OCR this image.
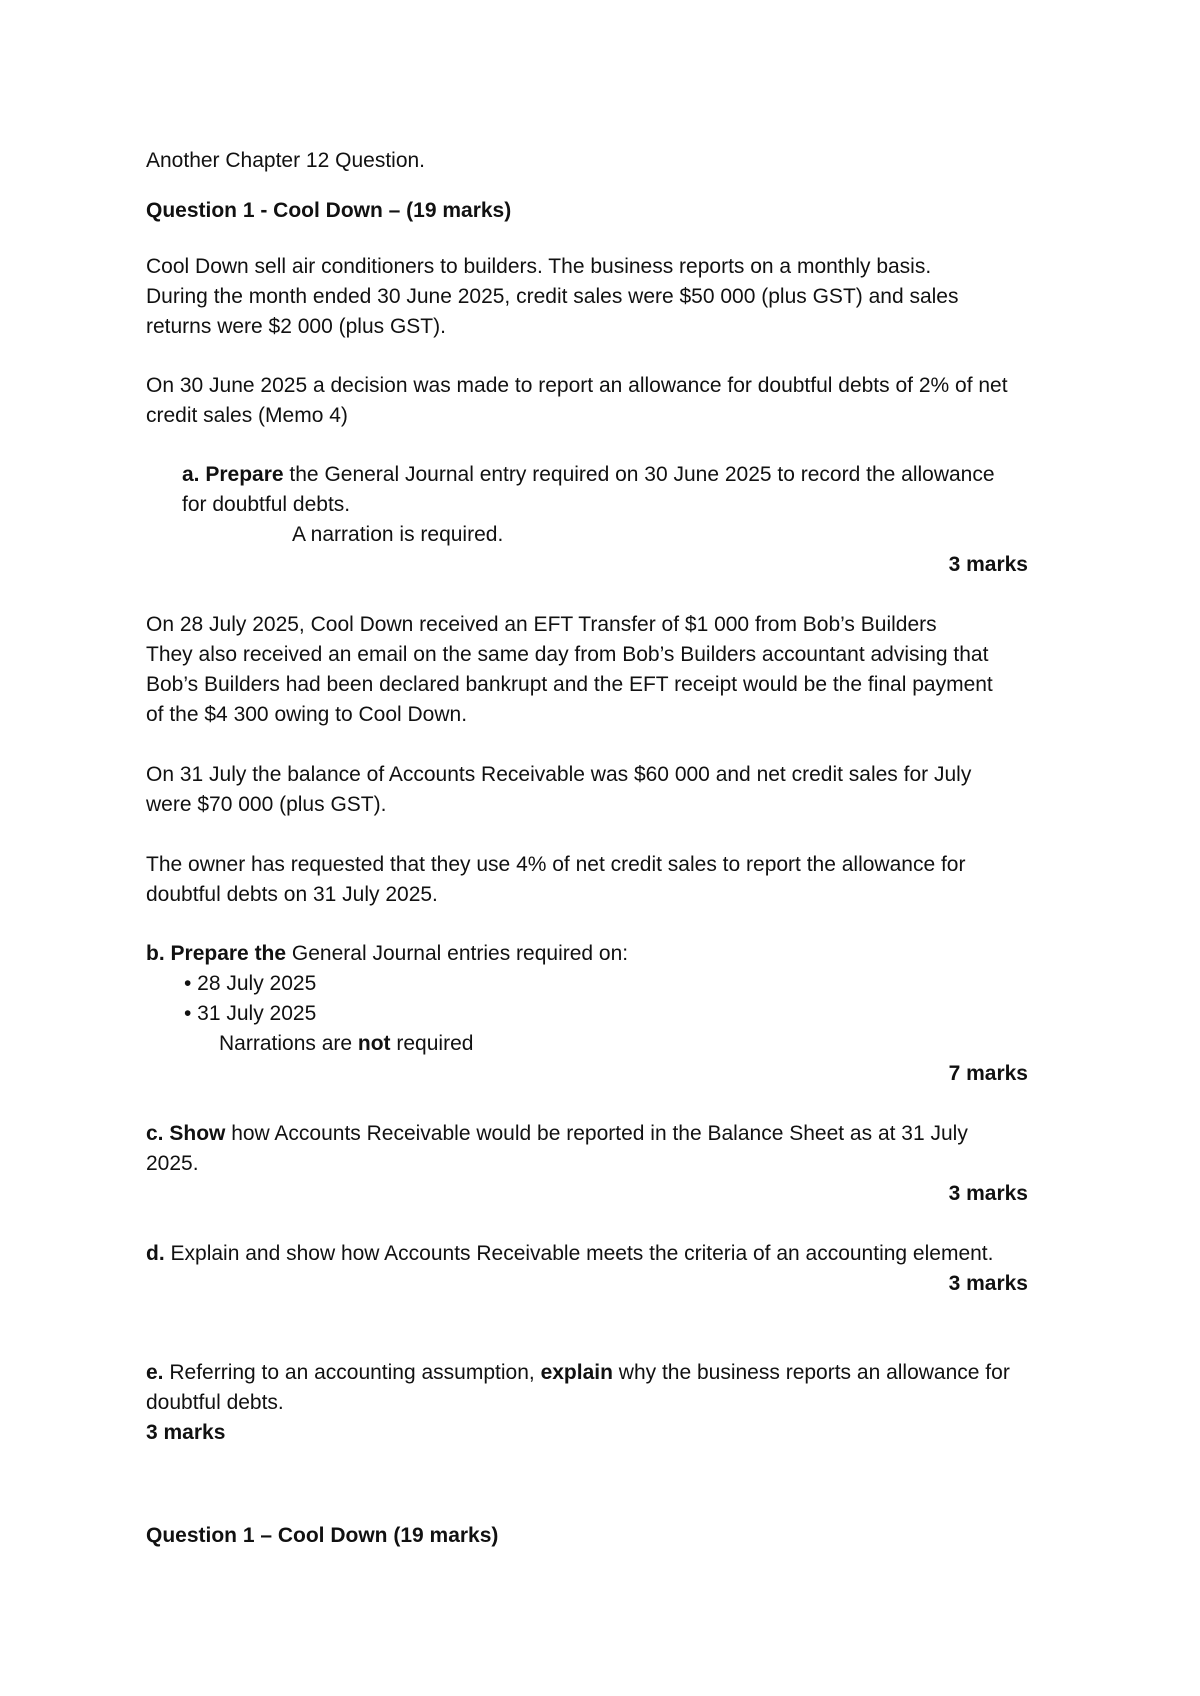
Another Chapter 12 Question.
Question 1 - Cool Down – (19 marks)
Cool Down sell air conditioners to builders. The business reports on a monthly basis.
During the month ended 30 June 2025, credit sales were $50 000 (plus GST) and sales
returns were $2 000 (plus GST).
On 30 June 2025 a decision was made to report an allowance for doubtful debts of 2% of net
credit sales (Memo 4)
a. Prepare the General Journal entry required on 30 June 2025 to record the allowance
for doubtful debts.
A narration is required.
3 marks
On 28 July 2025, Cool Down received an EFT Transfer of $1 000 from Bob’s Builders
They also received an email on the same day from Bob’s Builders accountant advising that
Bob’s Builders had been declared bankrupt and the EFT receipt would be the final payment
of the $4 300 owing to Cool Down.
On 31 July the balance of Accounts Receivable was $60 000 and net credit sales for July
were $70 000 (plus GST).
The owner has requested that they use 4% of net credit sales to report the allowance for
doubtful debts on 31 July 2025.
b. Prepare the General Journal entries required on:
• 28 July 2025
• 31 July 2025
Narrations are not required
7 marks
c. Show how Accounts Receivable would be reported in the Balance Sheet as at 31 July
2025.
3 marks
d. Explain and show how Accounts Receivable meets the criteria of an accounting element.
3 marks
e. Referring to an accounting assumption, explain why the business reports an allowance for
doubtful debts.
3 marks
Question 1 – Cool Down (19 marks)
